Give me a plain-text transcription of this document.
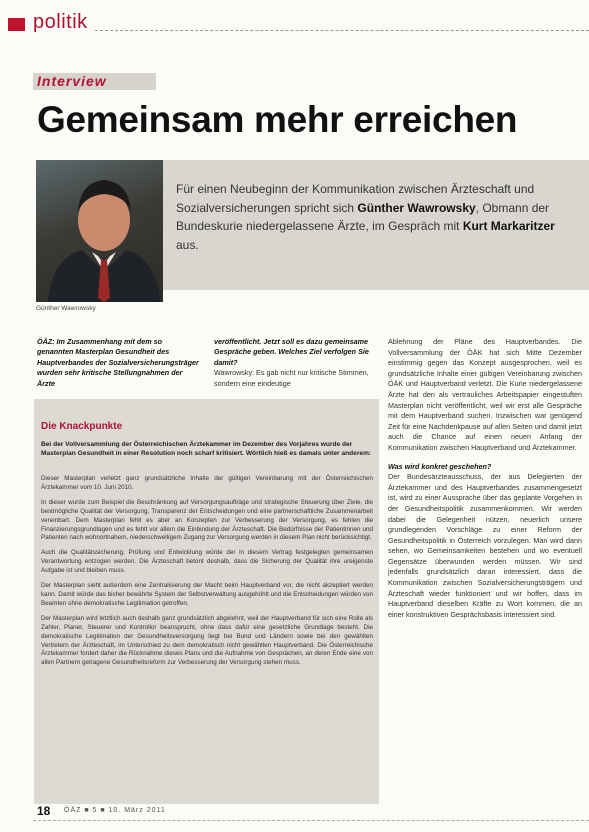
politik
Interview
Gemeinsam mehr erreichen
Günther Wawrowsky
Für einen Neubeginn der Kommunikation zwischen Ärzteschaft und Sozialversicherungen spricht sich Günther Wawrowsky, Obmann der Bundeskurie niedergelassene Ärzte, im Gespräch mit Kurt Markaritzer aus.
ÖÄZ: Im Zusammenhang mit dem so genannten Masterplan Gesundheit des Hauptverbandes der Sozialversicherungsträger wurden sehr kritische Stellungnahmen der Ärzte
veröffentlicht. Jetzt soll es dazu gemeinsame Gespräche geben. Welches Ziel verfolgen Sie damit?
Wawrowsky: Es gab nicht nur kritische Stimmen, sondern eine eindeutige
Ablehnung der Pläne des Hauptverbandes. Die Vollversammlung der ÖÄK hat sich Mitte Dezember einstimmig gegen das Konzept ausgesprochen, weil es grundsätzliche Inhalte einer gültigen Vereinbarung zwischen ÖÄK und Hauptverband verletzt. Die Kurie niedergelassene Ärzte hat den als vertrauliches Arbeitspapier eingestuften Masterplan nicht veröffentlicht, weil wir erst alle Gespräche mit dem Hauptverband suchen. Inzwischen war genügend Zeit für eine Nachdenkpause auf allen Seiten und damit jetzt auch die Chance auf einen neuen Anfang der Kommunikation zwischen Hauptverband und Ärztekammer.
Was wird konkret geschehen?
Der Bundesärzteausschuss, der aus Delegierten der Ärztekammer und des Hauptverbandes zusammengesetzt ist, wird zu einer Aussprache über das geplante Vorgehen in der Gesundheitspolitik zusammenkommen. Wir werden dabei die Gelegenheit nützen, neuerlich unsere grundlegenden Vorschläge zu einer Reform der Gesundheitspolitik in Österreich vorzulegen. Man wird dann sehen, wo Gemeinsamkeiten bestehen und wo eventuell Gegensätze überwunden werden müssen. Wir sind jedenfalls grundsätzlich daran interessiert, dass die Kommunikation zwischen Sozialversicherungsträgern und Ärzteschaft wieder funktioniert und wir hoffen, dass im Hauptverband dieselben Kräfte zu Wort kommen, die an einer konstruktiven Gesprächsbasis interessiert sind.
Die Knackpunkte
Bei der Vollversammlung der Österreichischen Ärztekammer im Dezember des Vorjahres wurde der Masterplan Gesundheit in einer Resolution noch scharf kritisiert. Wörtlich hieß es damals unter anderem:

Dieser Masterplan verletzt ganz grundsätzliche Inhalte der gültigen Vereinbarung mit der Österreichischen Ärztekammer vom 10. Juni 2010.

In dieser wurde zum Beispiel die Beschränkung auf Versorgungsaufträge und strategische Steuerung über Ziele, die bestmögliche Qualität der Versorgung, Transparenz der Entscheidungen und eine partnerschaftliche Zusammenarbeit vereinbart. Dem Masterplan fehlt es aber an Konzepten zur Verbesserung der Versorgung, es fehlen die Finanzierungsgrundlagen und es fehlt vor allem die Einbindung der Ärzteschaft. Die Bedürfnisse der Patientinnen und Patienten nach wohnortnahem, niederschwelligem Zugang zur Versorgung werden in diesem Plan nicht berücksichtigt.

Auch die Qualitätssicherung, Prüfung und Entwicklung würde der in diesem Vertrag festgelegten gemeinsamen Verantwortung entzogen werden. Die Ärzteschaft betont deshalb, dass die Sicherung der Qualität ihre ureigenste Aufgabe ist und bleiben muss.

Der Masterplan sieht außerdem eine Zentralisierung der Macht beim Hauptverband vor, die nicht akzeptiert werden kann. Damit würde das bisher bewährte System der Selbstverwaltung ausgehöhlt und die Entscheidungen würden von Beamten ohne demokratische Legitimation getroffen.

Der Masterplan wird letztlich auch deshalb ganz grundsätzlich abgelehnt, weil der Hauptverband für sich eine Rolle als Zahler, Planer, Steuerer und Kontrollor beansprucht, ohne dass dafür eine gesetzliche Grundlage besteht. Die demokratische Legitimation der Gesundheitsversorgung liegt bei Bund und Ländern sowie bei den gewählten Vertretern der Ärzteschaft, im Unterschied zu dem demokratisch nicht gewählten Hauptverband. Die Österreichische Ärztekammer fordert daher die Rücknahme dieses Plans und die Aufnahme von Gesprächen, an deren Ende eine von allen Partnern getragene Gesundheitsreform zur Verbesserung der Versorgung stehen muss.

18 ÖÄZ ■ 5 ■ 10. März 2011
